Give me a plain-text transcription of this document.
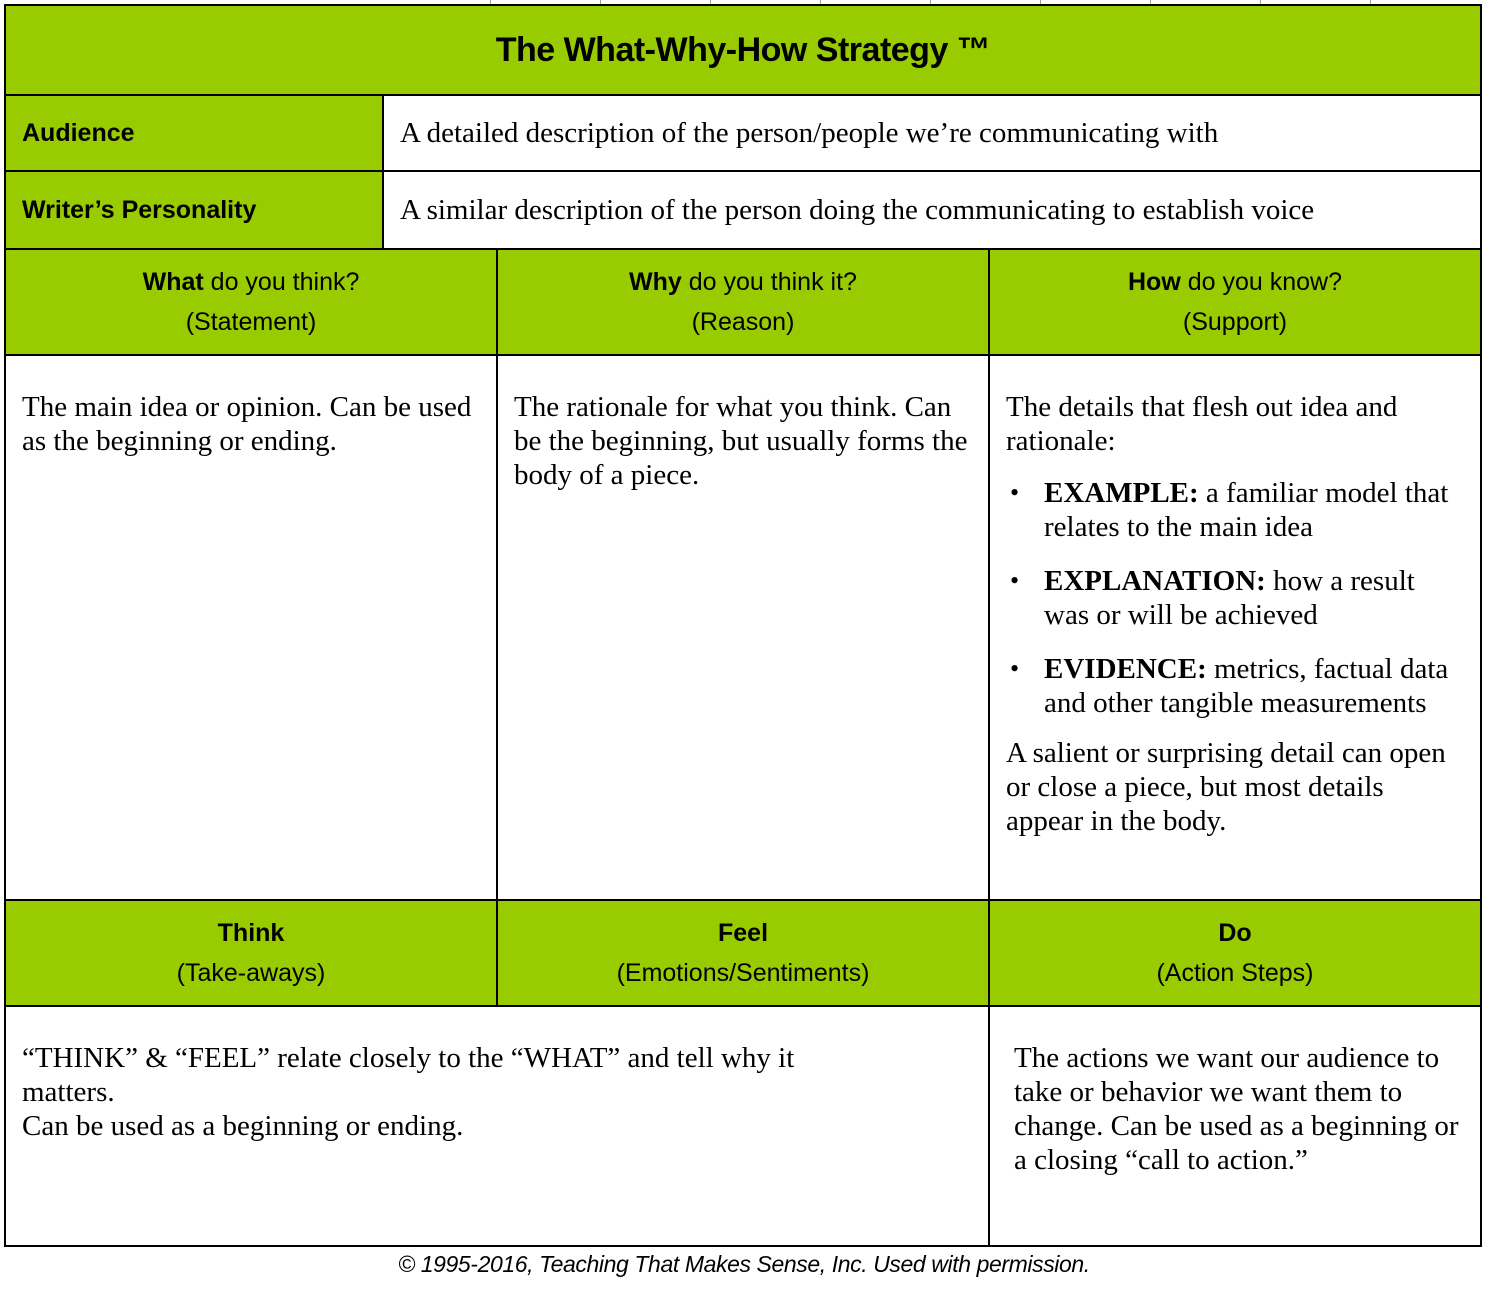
The What-Why-How Strategy ™
Audience	A detailed description of the person/people we’re communicating with
Writer’s Personality	A similar description of the person doing the communicating to establish voice
What do you think?
(Statement)
Why do you think it?
(Reason)
How do you know?
(Support)

The main idea or opinion. Can be used as the beginning or ending.

The rationale for what you think. Can be the beginning, but usually forms the body of a piece.

The details that flesh out idea and rationale:

• EXAMPLE: a familiar model that relates to the main idea
• EXPLANATION: how a result was or will be achieved
• EVIDENCE: metrics, factual data and other tangible measurements

A salient or surprising detail can open or close a piece, but most details appear in the body.

Think
(Take-aways)
Feel
(Emotions/Sentiments)
Do
(Action Steps)

“THINK” & “FEEL” relate closely to the “WHAT” and tell why it matters.

Can be used as a beginning or ending.

The actions we want our audience to take or behavior we want them to change. Can be used as a beginning or a closing “call to action.”

© 1995-2016, Teaching That Makes Sense, Inc. Used with permission.
